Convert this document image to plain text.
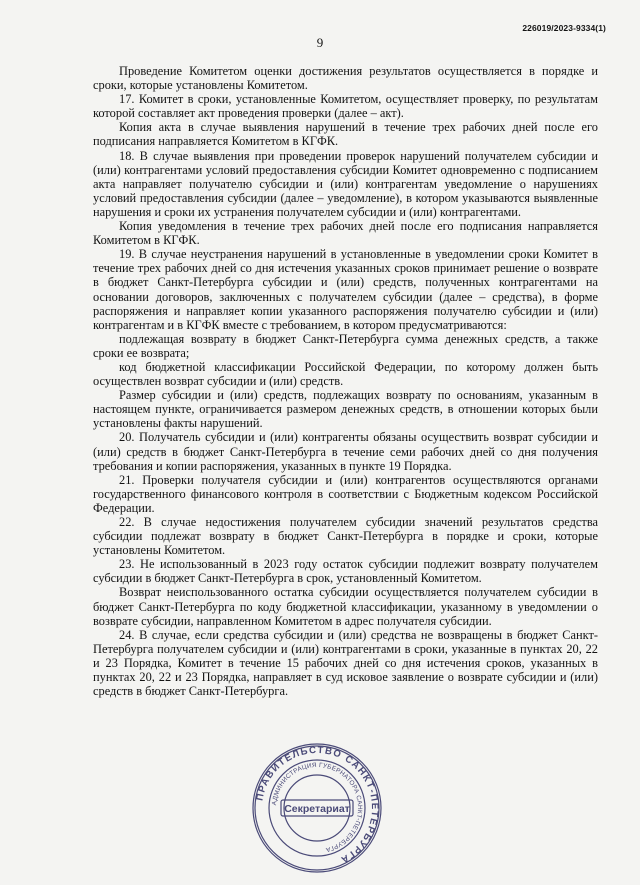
226019/2023-9334(1)
9

Проведение Комитетом оценки достижения результатов осуществляется в порядке и сроки, которые установлены Комитетом.

17. Комитет в сроки, установленные Комитетом, осуществляет проверку, по результатам которой составляет акт проведения проверки (далее – акт).

Копия акта в случае выявления нарушений в течение трех рабочих дней после его подписания направляется Комитетом в КГФК.

18. В случае выявления при проведении проверок нарушений получателем субсидии и (или) контрагентами условий предоставления субсидии Комитет одновременно с подписанием акта направляет получателю субсидии и (или) контрагентам уведомление о нарушениях условий предоставления субсидии (далее – уведомление), в котором указываются выявленные нарушения и сроки их устранения получателем субсидии и (или) контрагентами.

Копия уведомления в течение трех рабочих дней после его подписания направляется Комитетом в КГФК.

19. В случае неустранения нарушений в установленные в уведомлении сроки Комитет в течение трех рабочих дней со дня истечения указанных сроков принимает решение о возврате в бюджет Санкт-Петербурга субсидии и (или) средств, полученных контрагентами на основании договоров, заключенных с получателем субсидии (далее – средства), в форме распоряжения и направляет копии указанного распоряжения получателю субсидии и (или) контрагентам и в КГФК вместе с требованием, в котором предусматриваются:

подлежащая возврату в бюджет Санкт-Петербурга сумма денежных средств, а также сроки ее возврата;

код бюджетной классификации Российской Федерации, по которому должен быть осуществлен возврат субсидии и (или) средств.

Размер субсидии и (или) средств, подлежащих возврату по основаниям, указанным в настоящем пункте, ограничивается размером денежных средств, в отношении которых были установлены факты нарушений.

20. Получатель субсидии и (или) контрагенты обязаны осуществить возврат субсидии и (или) средств в бюджет Санкт-Петербурга в течение семи рабочих дней со дня получения требования и копии распоряжения, указанных в пункте 19 Порядка.

21. Проверки получателя субсидии и (или) контрагентов осуществляются органами государственного финансового контроля в соответствии с Бюджетным кодексом Российской Федерации.

22. В случае недостижения получателем субсидии значений результатов средства субсидии подлежат возврату в бюджет Санкт-Петербурга в порядке и сроки, которые установлены Комитетом.

23. Не использованный в 2023 году остаток субсидии подлежит возврату получателем субсидии в бюджет Санкт-Петербурга в срок, установленный Комитетом.

Возврат неиспользованного остатка субсидии осуществляется получателем субсидии в бюджет Санкт-Петербурга по коду бюджетной классификации, указанному в уведомлении о возврате субсидии, направленном Комитетом в адрес получателя субсидии.

24. В случае, если средства субсидии и (или) средства не возвращены в бюджет Санкт-Петербурга получателем субсидии и (или) контрагентами в сроки, указанные в пунктах 20, 22 и 23 Порядка, Комитет в течение 15 рабочих дней со дня истечения сроков, указанных в пунктах 20, 22 и 23 Порядка, направляет в суд исковое заявление о возврате субсидии и (или) средств в бюджет Санкт-Петербурга.

ПРАВИТЕЛЬСТВО САНКТ-ПЕТЕРБУРГА
АДМИНИСТРАЦИЯ ГУБЕРНАТОРА САНКТ-ПЕТЕРБУРГА
Секретариат
